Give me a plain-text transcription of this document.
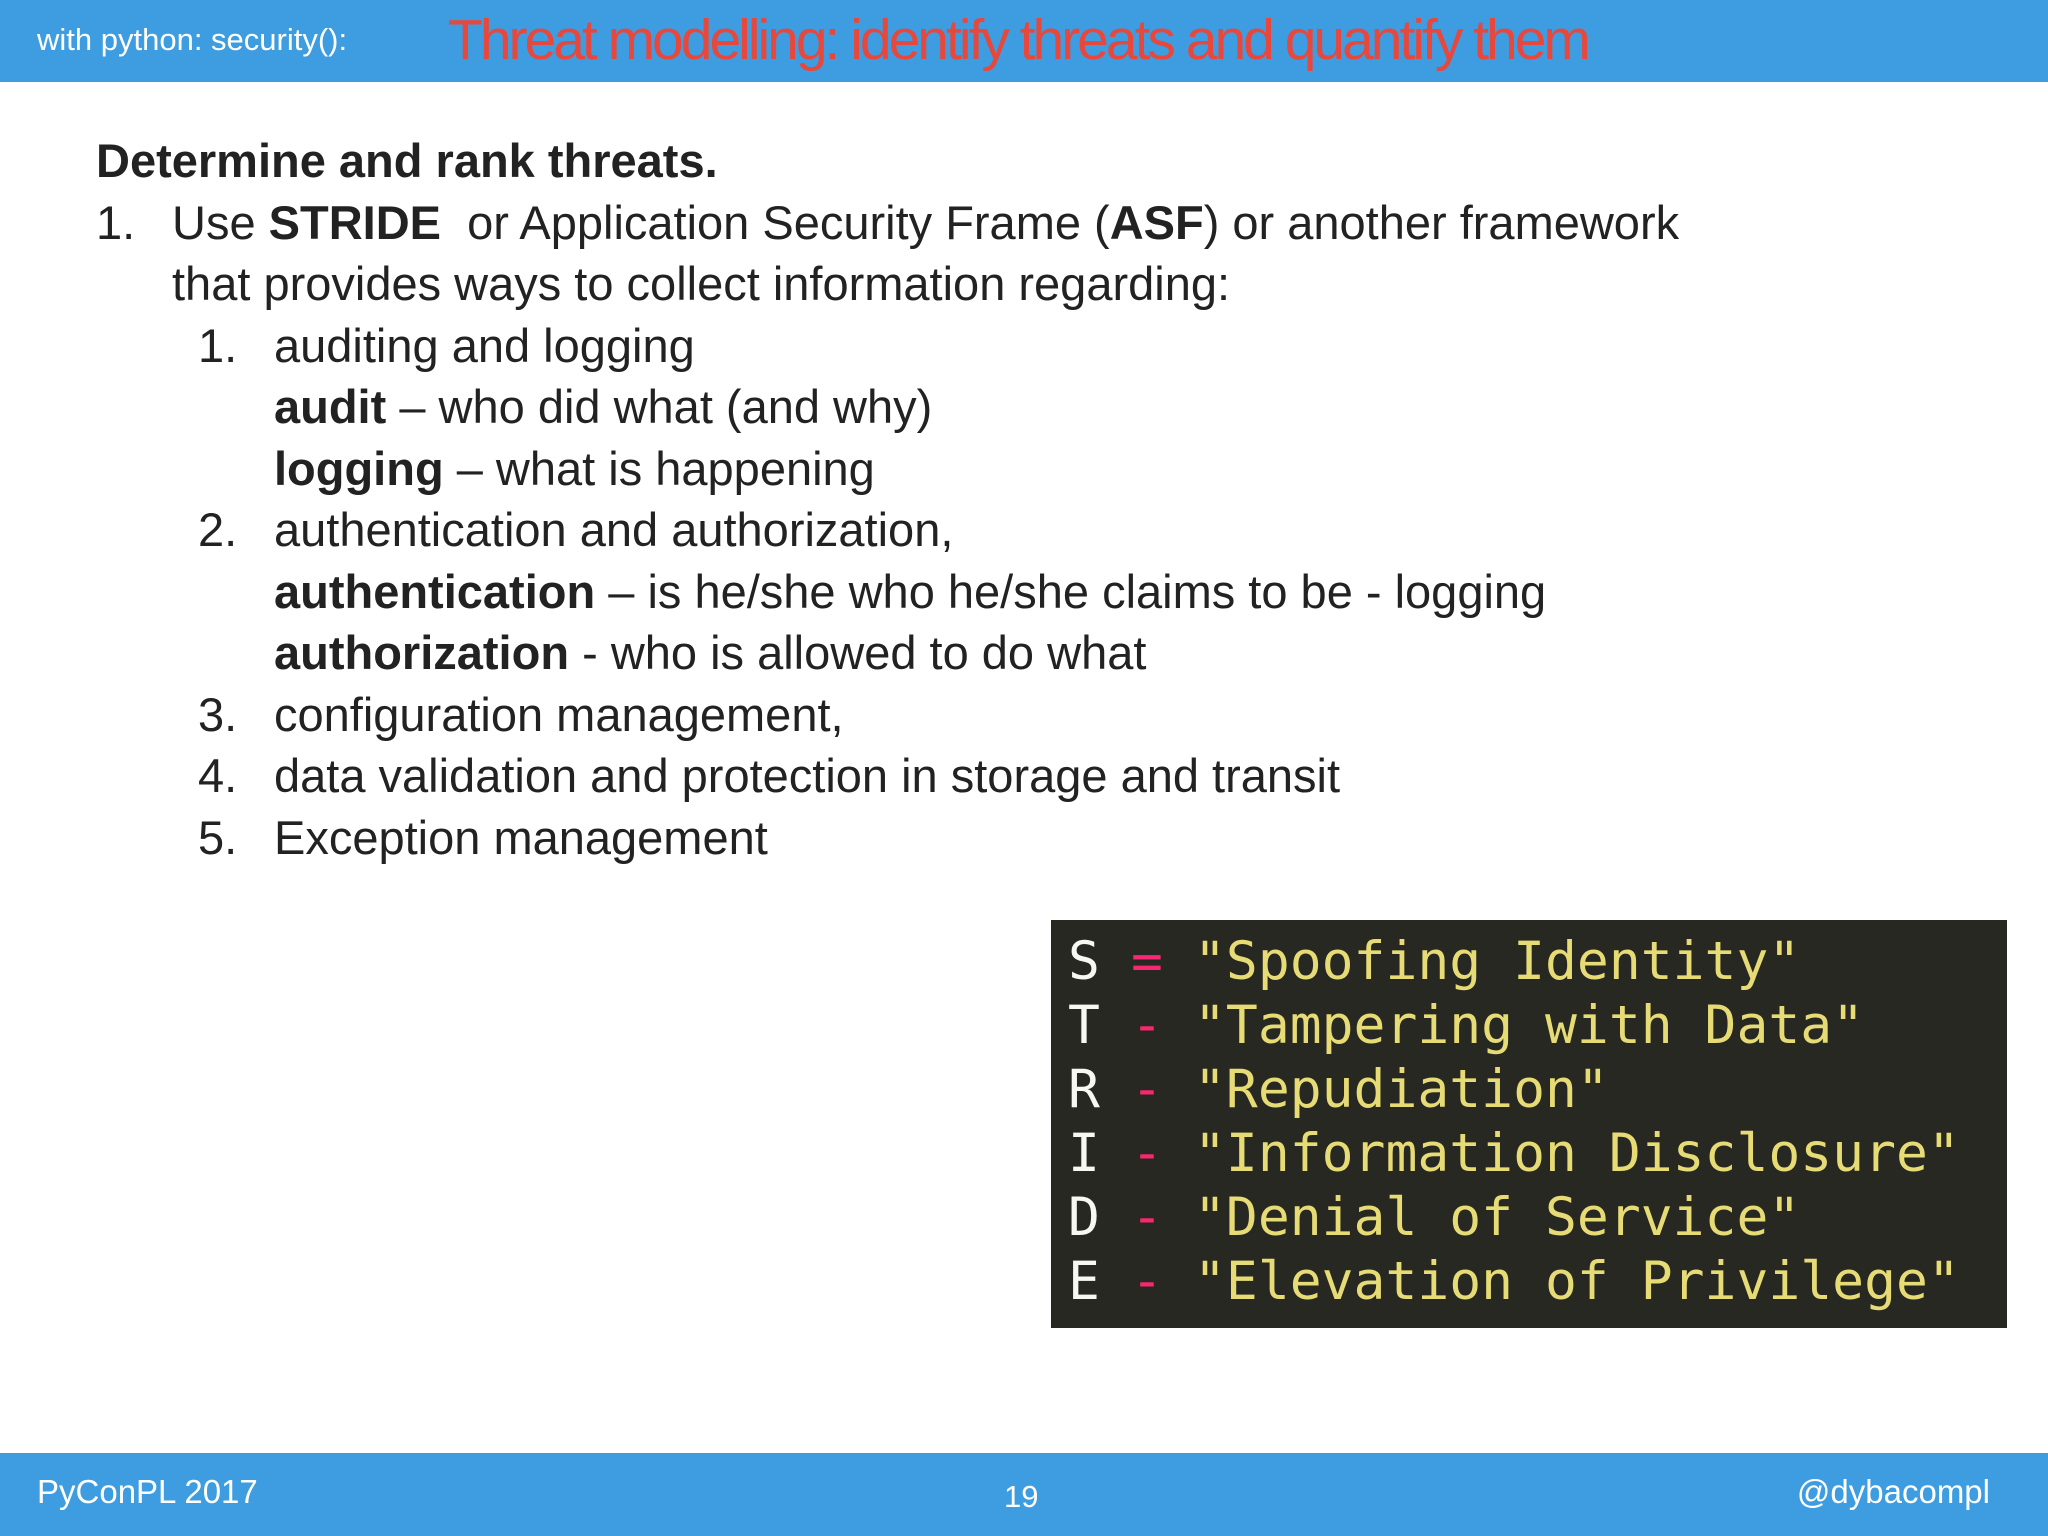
with python: security(): Threat modelling: identify threats and quantify them
Determine and rank threats.
1. Use STRIDE  or Application Security Frame (ASF) or another framework
that provides ways to collect information regarding:
1. auditing and logging
audit – who did what (and why)
logging – what is happening
2. authentication and authorization,
authentication – is he/she who he/she claims to be - logging
authorization - who is allowed to do what
3. configuration management,
4. data validation and protection in storage and transit
5. Exception management
S = "Spoofing Identity"
T - "Tampering with Data"
R - "Repudiation"
I - "Information Disclosure"
D - "Denial of Service"
E - "Elevation of Privilege"
PyConPL 2017	19	@dybacompl
